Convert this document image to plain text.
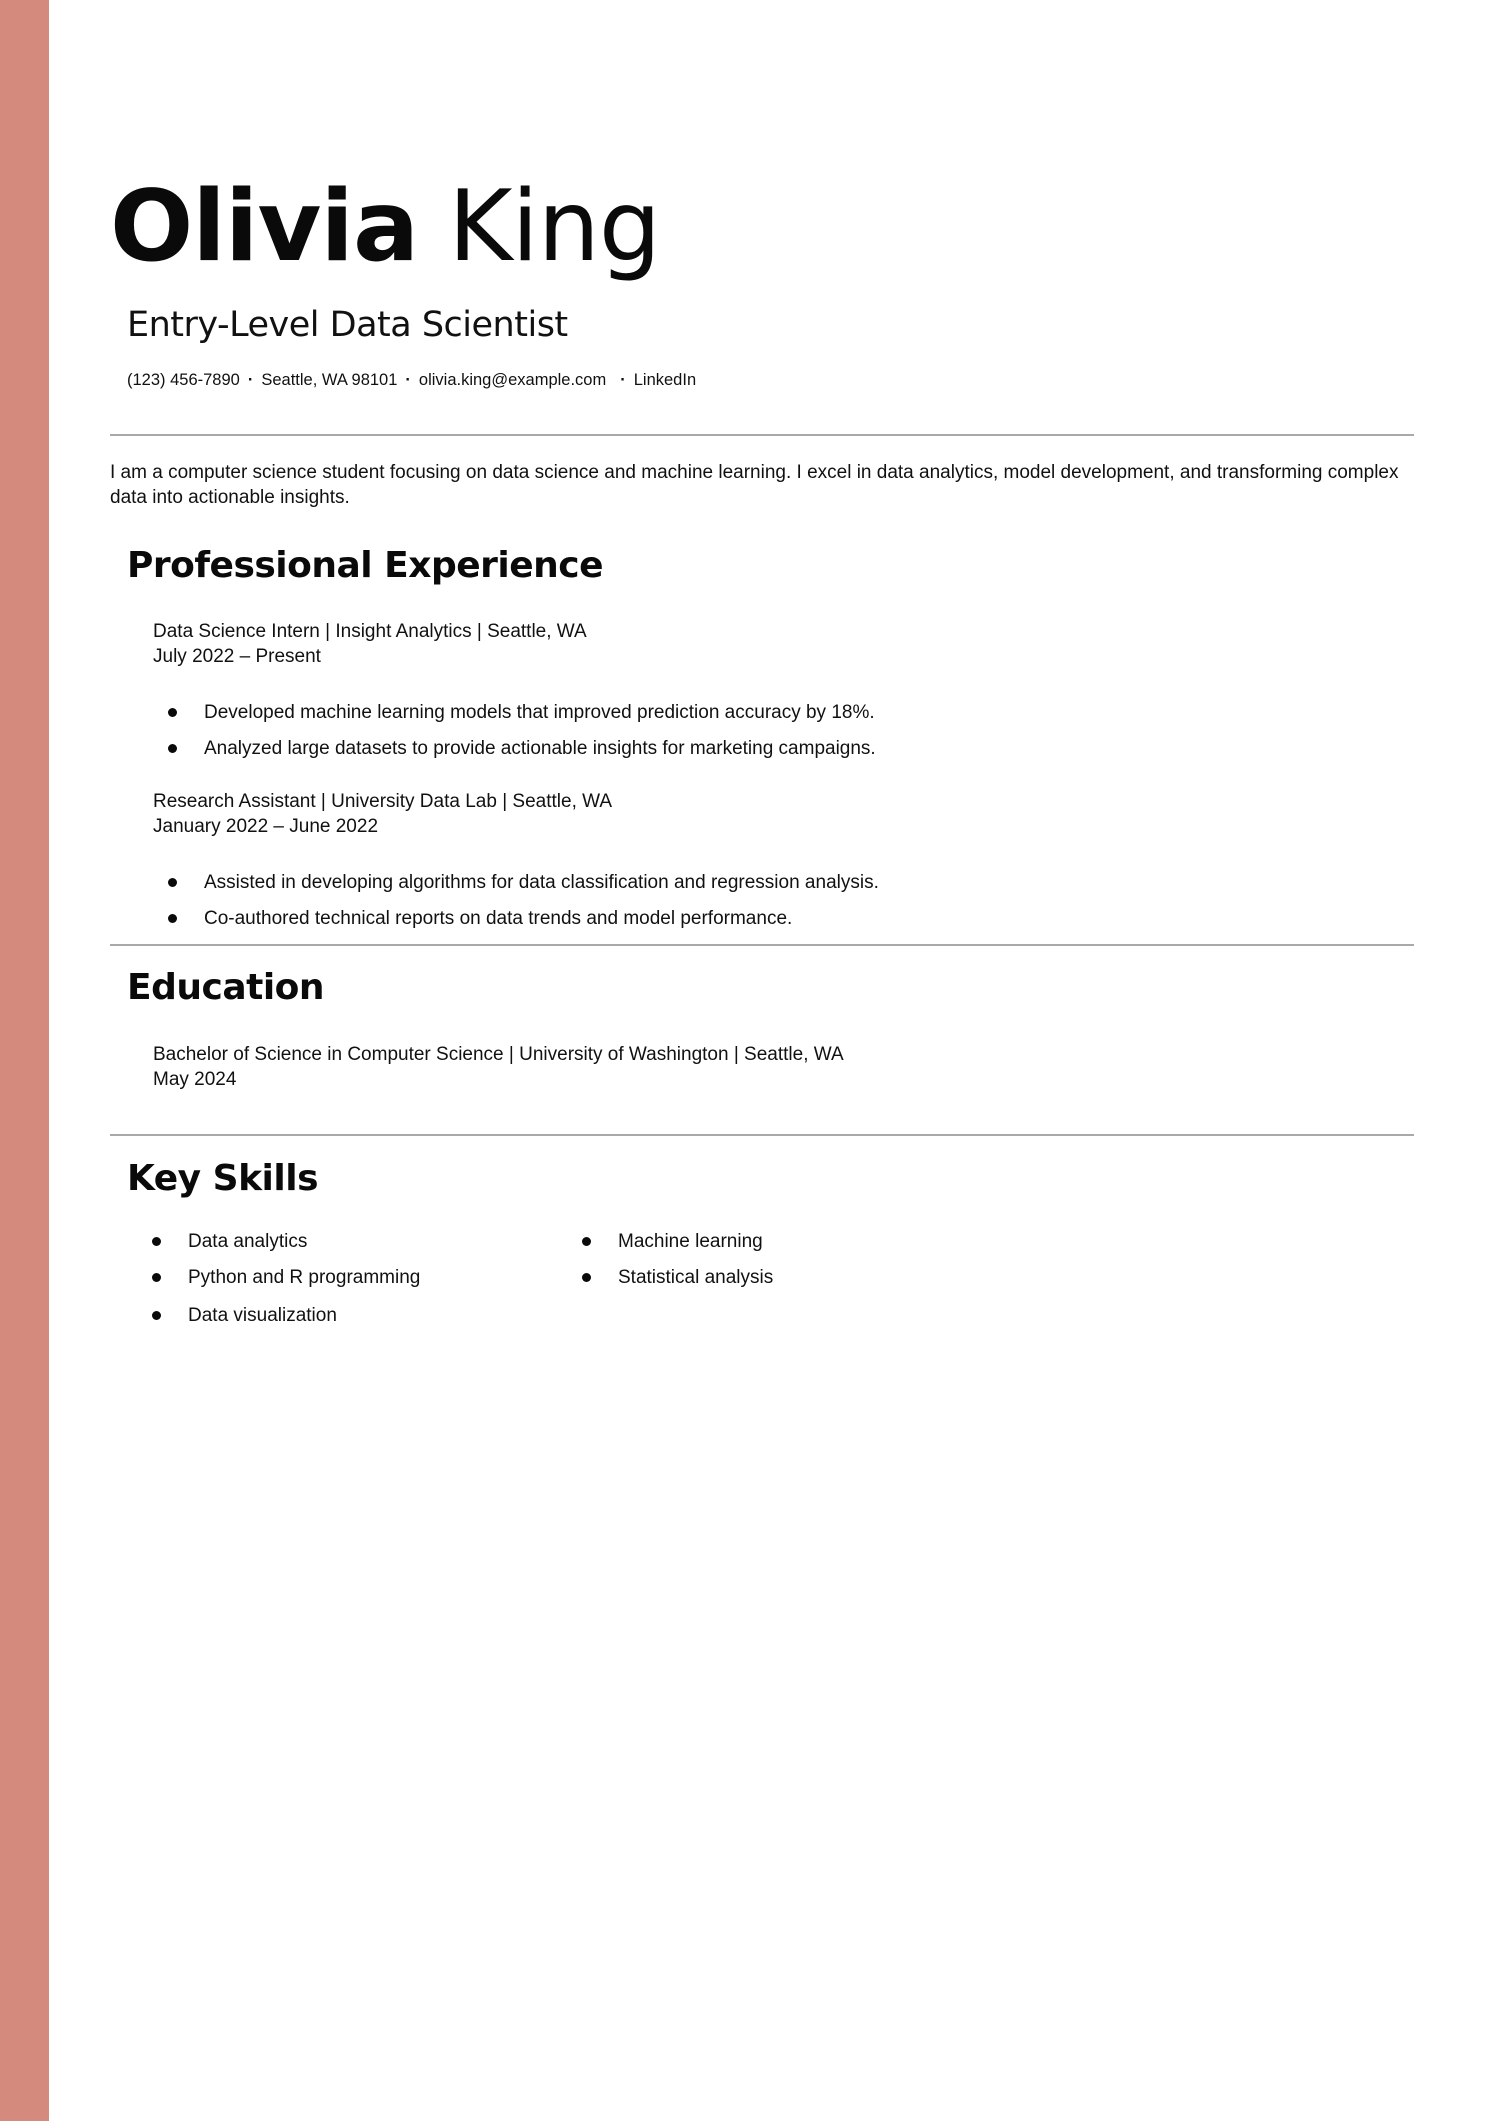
Olivia King
Entry-Level Data Scientist
(123) 456-7890 · Seattle, WA 98101 · olivia.king@example.com · LinkedIn
I am a computer science student focusing on data science and machine learning. I excel in data analytics, model development, and transforming complex data into actionable insights.
Professional Experience
Data Science Intern | Insight Analytics | Seattle, WA
July 2022 – Present
Developed machine learning models that improved prediction accuracy by 18%.
Analyzed large datasets to provide actionable insights for marketing campaigns.
Research Assistant | University Data Lab | Seattle, WA
January 2022 – June 2022
Assisted in developing algorithms for data classification and regression analysis.
Co-authored technical reports on data trends and model performance.
Education
Bachelor of Science in Computer Science | University of Washington | Seattle, WA
May 2024
Key Skills
Data analytics
Python and R programming
Data visualization
Machine learning
Statistical analysis
